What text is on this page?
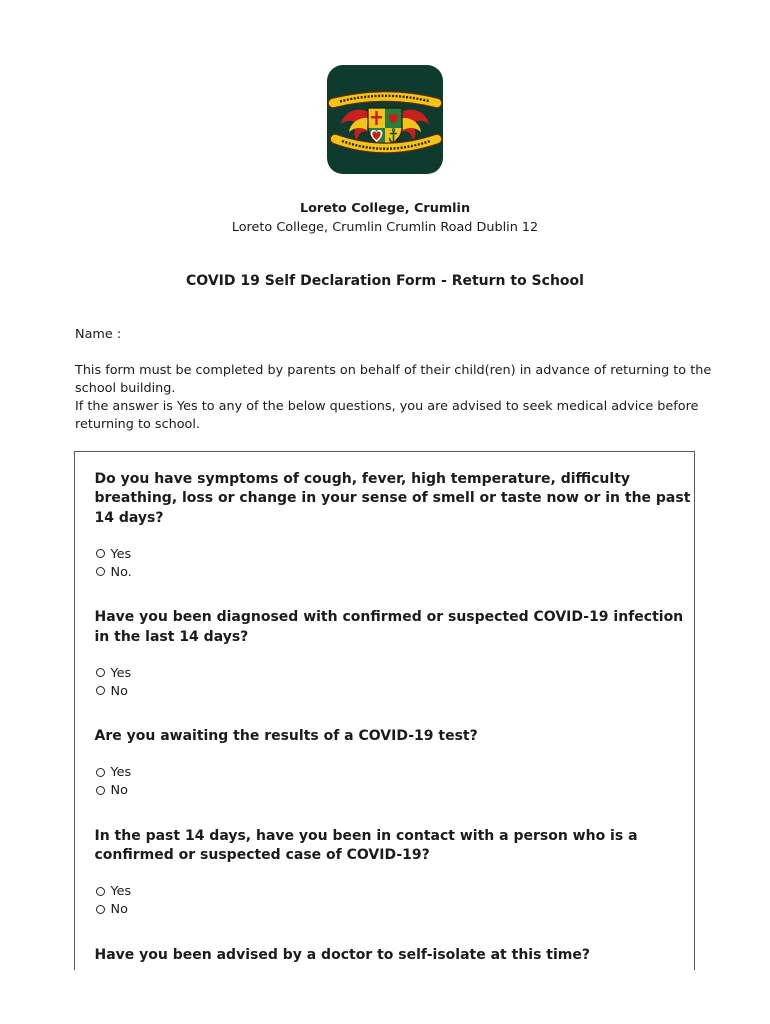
Loreto College, Crumlin
Loreto College, Crumlin Crumlin Road Dublin 12
COVID 19 Self Declaration Form - Return to School
Name :

This form must be completed by parents on behalf of their child(ren) in advance of returning to the school building.

If the answer is Yes to any of the below questions, you are advised to seek medical advice before returning to school.

Do you have symptoms of cough, fever, high temperature, difficulty breathing, loss or change in your sense of smell or taste now or in the past 14 days?

Yes
No.

Have you been diagnosed with confirmed or suspected COVID-19 infection in the last 14 days?

Yes
No

Are you awaiting the results of a COVID-19 test?

Yes
No

In the past 14 days, have you been in contact with a person who is a confirmed or suspected case of COVID-19?

Yes
No

Have you been advised by a doctor to self-isolate at this time?
